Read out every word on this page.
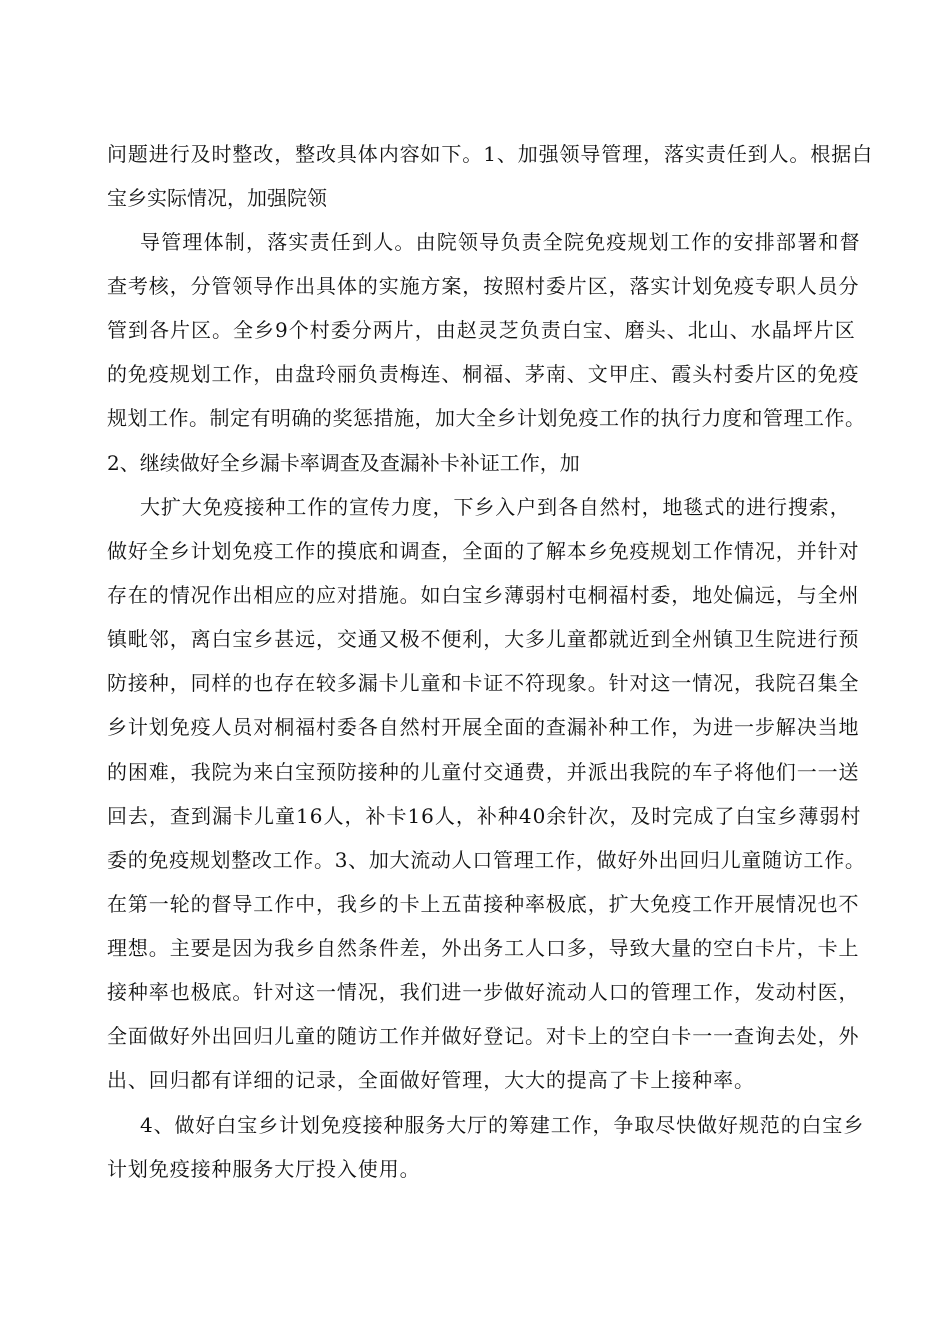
问题进行及时整改，整改具体内容如下。1、加强领导管理，落实责任到人。根据白

宝乡实际情况，加强院领

导管理体制，落实责任到人。由院领导负责全院免疫规划工作的安排部署和督

查考核，分管领导作出具体的实施方案，按照村委片区，落实计划免疫专职人员分

管到各片区。全乡9个村委分两片，由赵灵芝负责白宝、磨头、北山、水晶坪片区

的免疫规划工作，由盘玲丽负责梅连、桐福、茅南、文甲庄、霞头村委片区的免疫

规划工作。制定有明确的奖惩措施，加大全乡计划免疫工作的执行力度和管理工作。

2、继续做好全乡漏卡率调查及查漏补卡补证工作，加

大扩大免疫接种工作的宣传力度，下乡入户到各自然村，地毯式的进行搜索，

做好全乡计划免疫工作的摸底和调查，全面的了解本乡免疫规划工作情况，并针对

存在的情况作出相应的应对措施。如白宝乡薄弱村屯桐福村委，地处偏远，与全州

镇毗邻，离白宝乡甚远，交通又极不便利，大多儿童都就近到全州镇卫生院进行预

防接种，同样的也存在较多漏卡儿童和卡证不符现象。针对这一情况，我院召集全

乡计划免疫人员对桐福村委各自然村开展全面的查漏补种工作，为进一步解决当地

的困难，我院为来白宝预防接种的儿童付交通费，并派出我院的车子将他们一一送

回去，查到漏卡儿童16人，补卡16人，补种40余针次，及时完成了白宝乡薄弱村

委的免疫规划整改工作。3、加大流动人口管理工作，做好外出回归儿童随访工作。

在第一轮的督导工作中，我乡的卡上五苗接种率极底，扩大免疫工作开展情况也不

理想。主要是因为我乡自然条件差，外出务工人口多，导致大量的空白卡片，卡上

接种率也极底。针对这一情况，我们进一步做好流动人口的管理工作，发动村医，

全面做好外出回归儿童的随访工作并做好登记。对卡上的空白卡一一查询去处，外

出、回归都有详细的记录，全面做好管理，大大的提高了卡上接种率。

4、做好白宝乡计划免疫接种服务大厅的筹建工作，争取尽快做好规范的白宝乡

计划免疫接种服务大厅投入使用。
